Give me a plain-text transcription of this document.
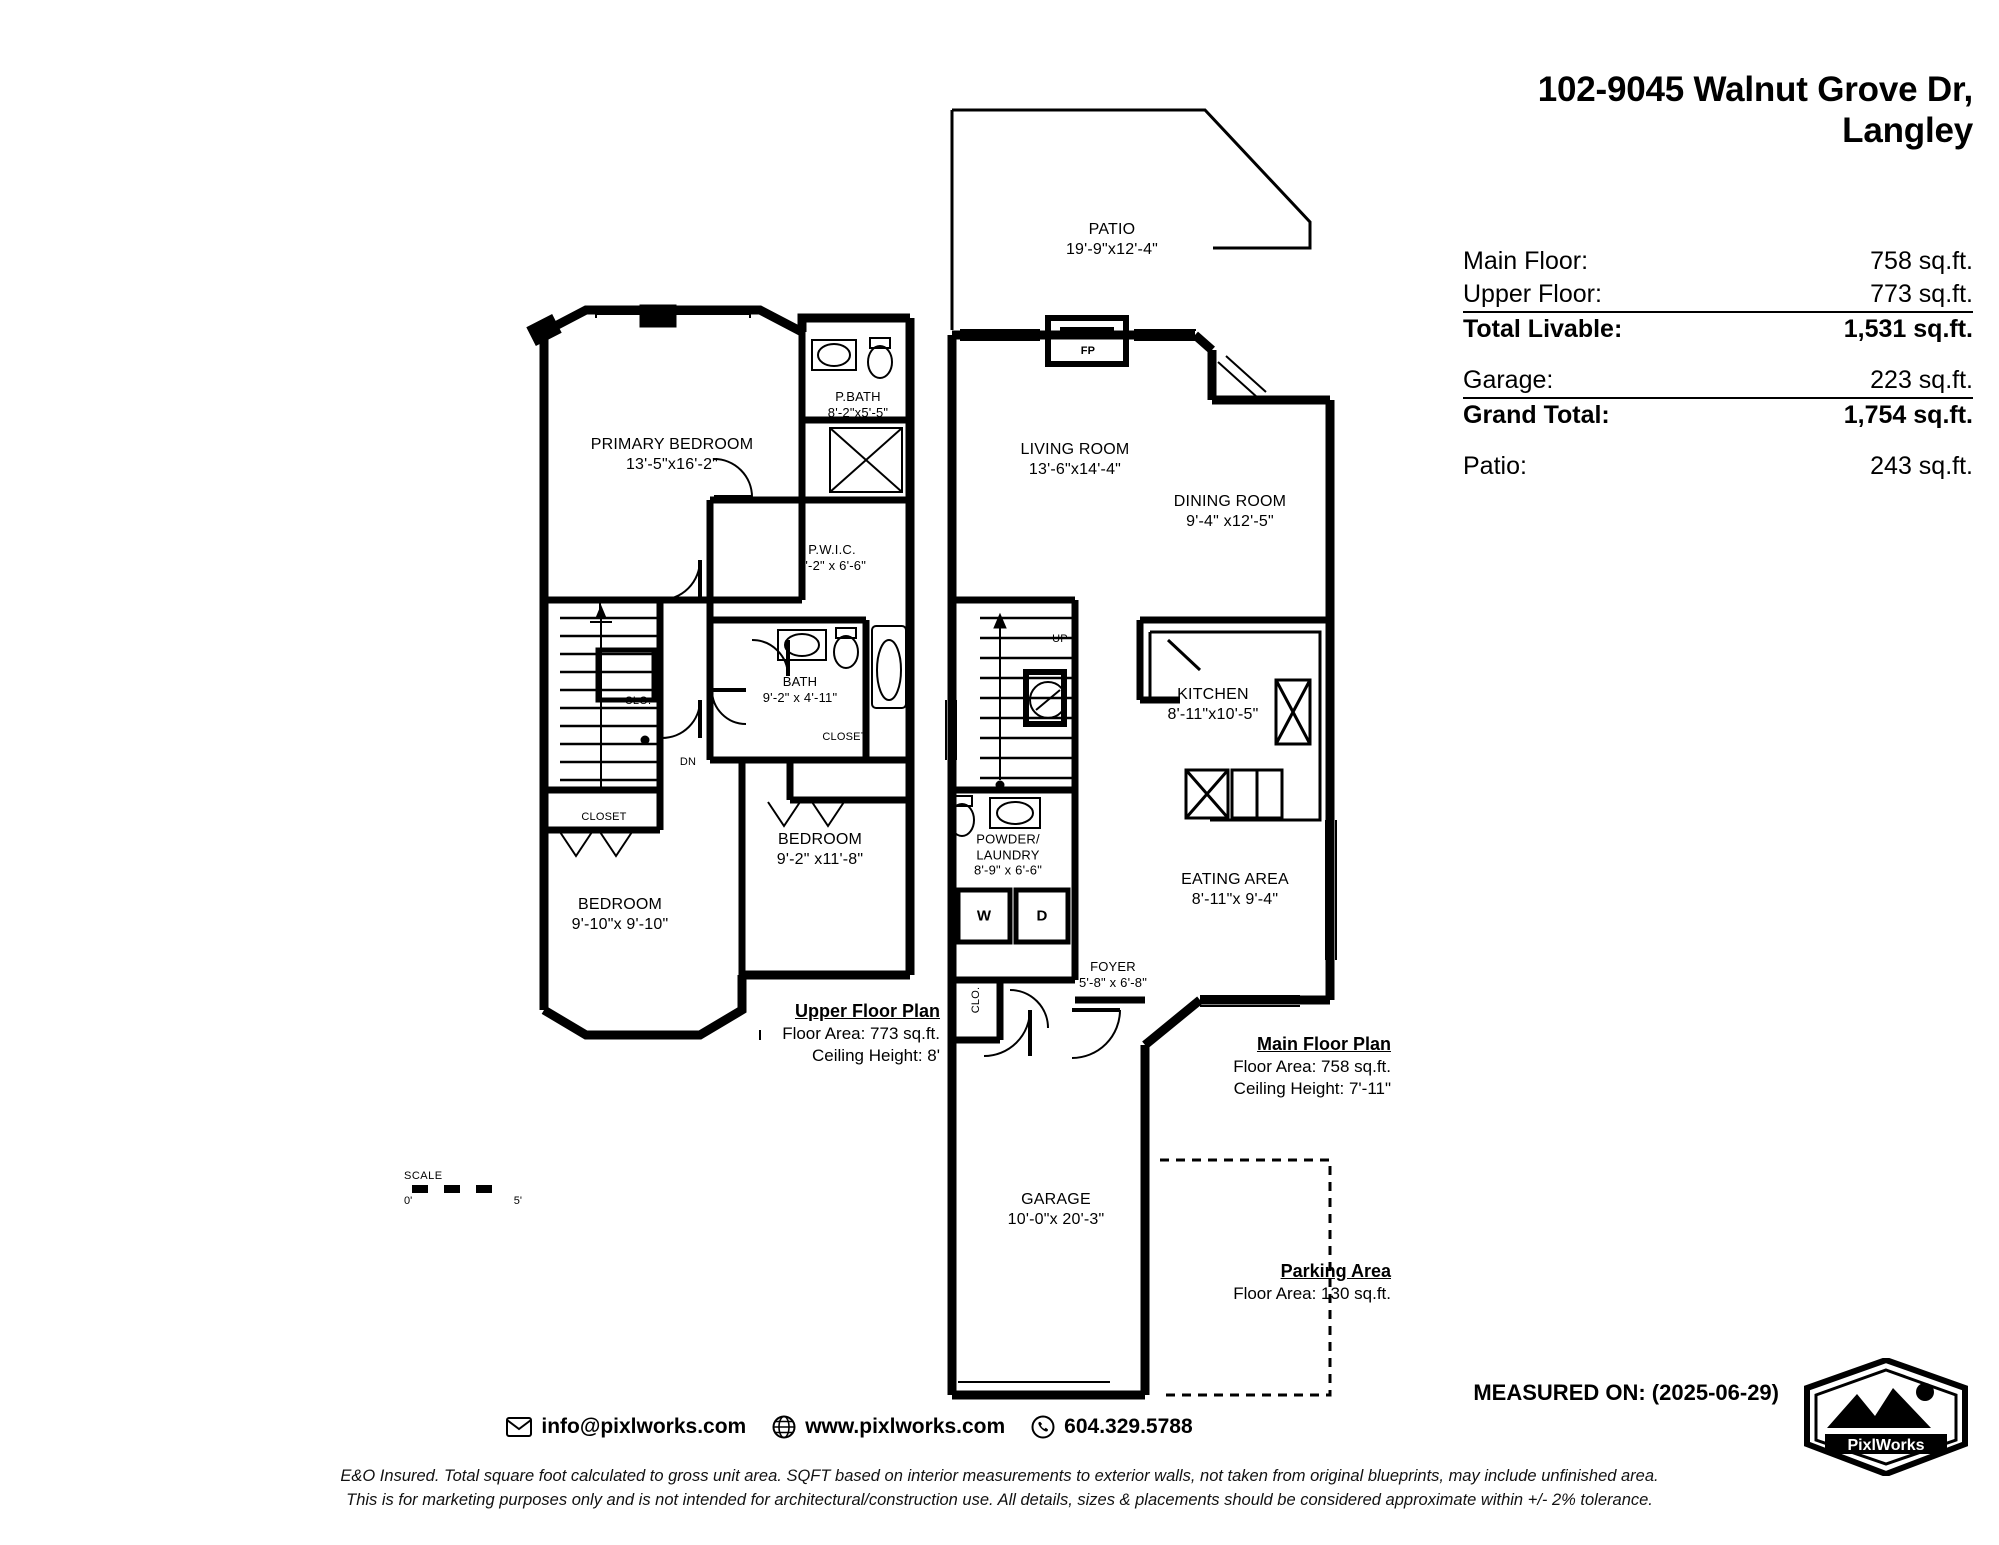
102-9045 Walnut Grove Dr,
Langley
Main Floor:	758 sq.ft.
Upper Floor:	773 sq.ft.
Total Livable:	1,531 sq.ft.
Garage:	223 sq.ft.
Grand Total:	1,754 sq.ft.
Patio:	243 sq.ft.
PRIMARY BEDROOM
13'-5"x16'-2"
P.BATH
8'-2"x5'-5"
P.W.I.C.
9'-2" x 6'-6"
BATH
9'-2" x 4'-11"
BEDROOM
9'-2" x11'-8"
BEDROOM
9'-10"x 9'-10"
CLO.
CLOSET
CLOSET
DN
PATIO
19'-9"x12'-4"
LIVING ROOM
13'-6"x14'-4"
DINING ROOM
9'-4" x12'-5"
KITCHEN
8'-11"x10'-5"
EATING AREA
8'-11"x 9'-4"
POWDER/
LAUNDRY
8'-9" x 6'-6"
FOYER
5'-8" x 6'-8"
GARAGE
10'-0"x 20'-3"
CLO.
UP
FP
W	D
Upper Floor Plan
Floor Area: 773 sq.ft.
Ceiling Height: 8'
Main Floor Plan
Floor Area: 758 sq.ft.
Ceiling Height: 7'-11"
Parking Area
Floor Area: 130 sq.ft.
SCALE
0'	5'
MEASURED ON: (2025-06-29)
PixlWorks
info@pixlworks.com	www.pixlworks.com	604.329.5788
E&O Insured. Total square foot calculated to gross unit area. SQFT based on interior measurements to exterior walls, not taken from original blueprints, may include unfinished area.
This is for marketing purposes only and is not intended for architectural/construction use. All details, sizes & placements should be considered approximate within +/- 2% tolerance.
